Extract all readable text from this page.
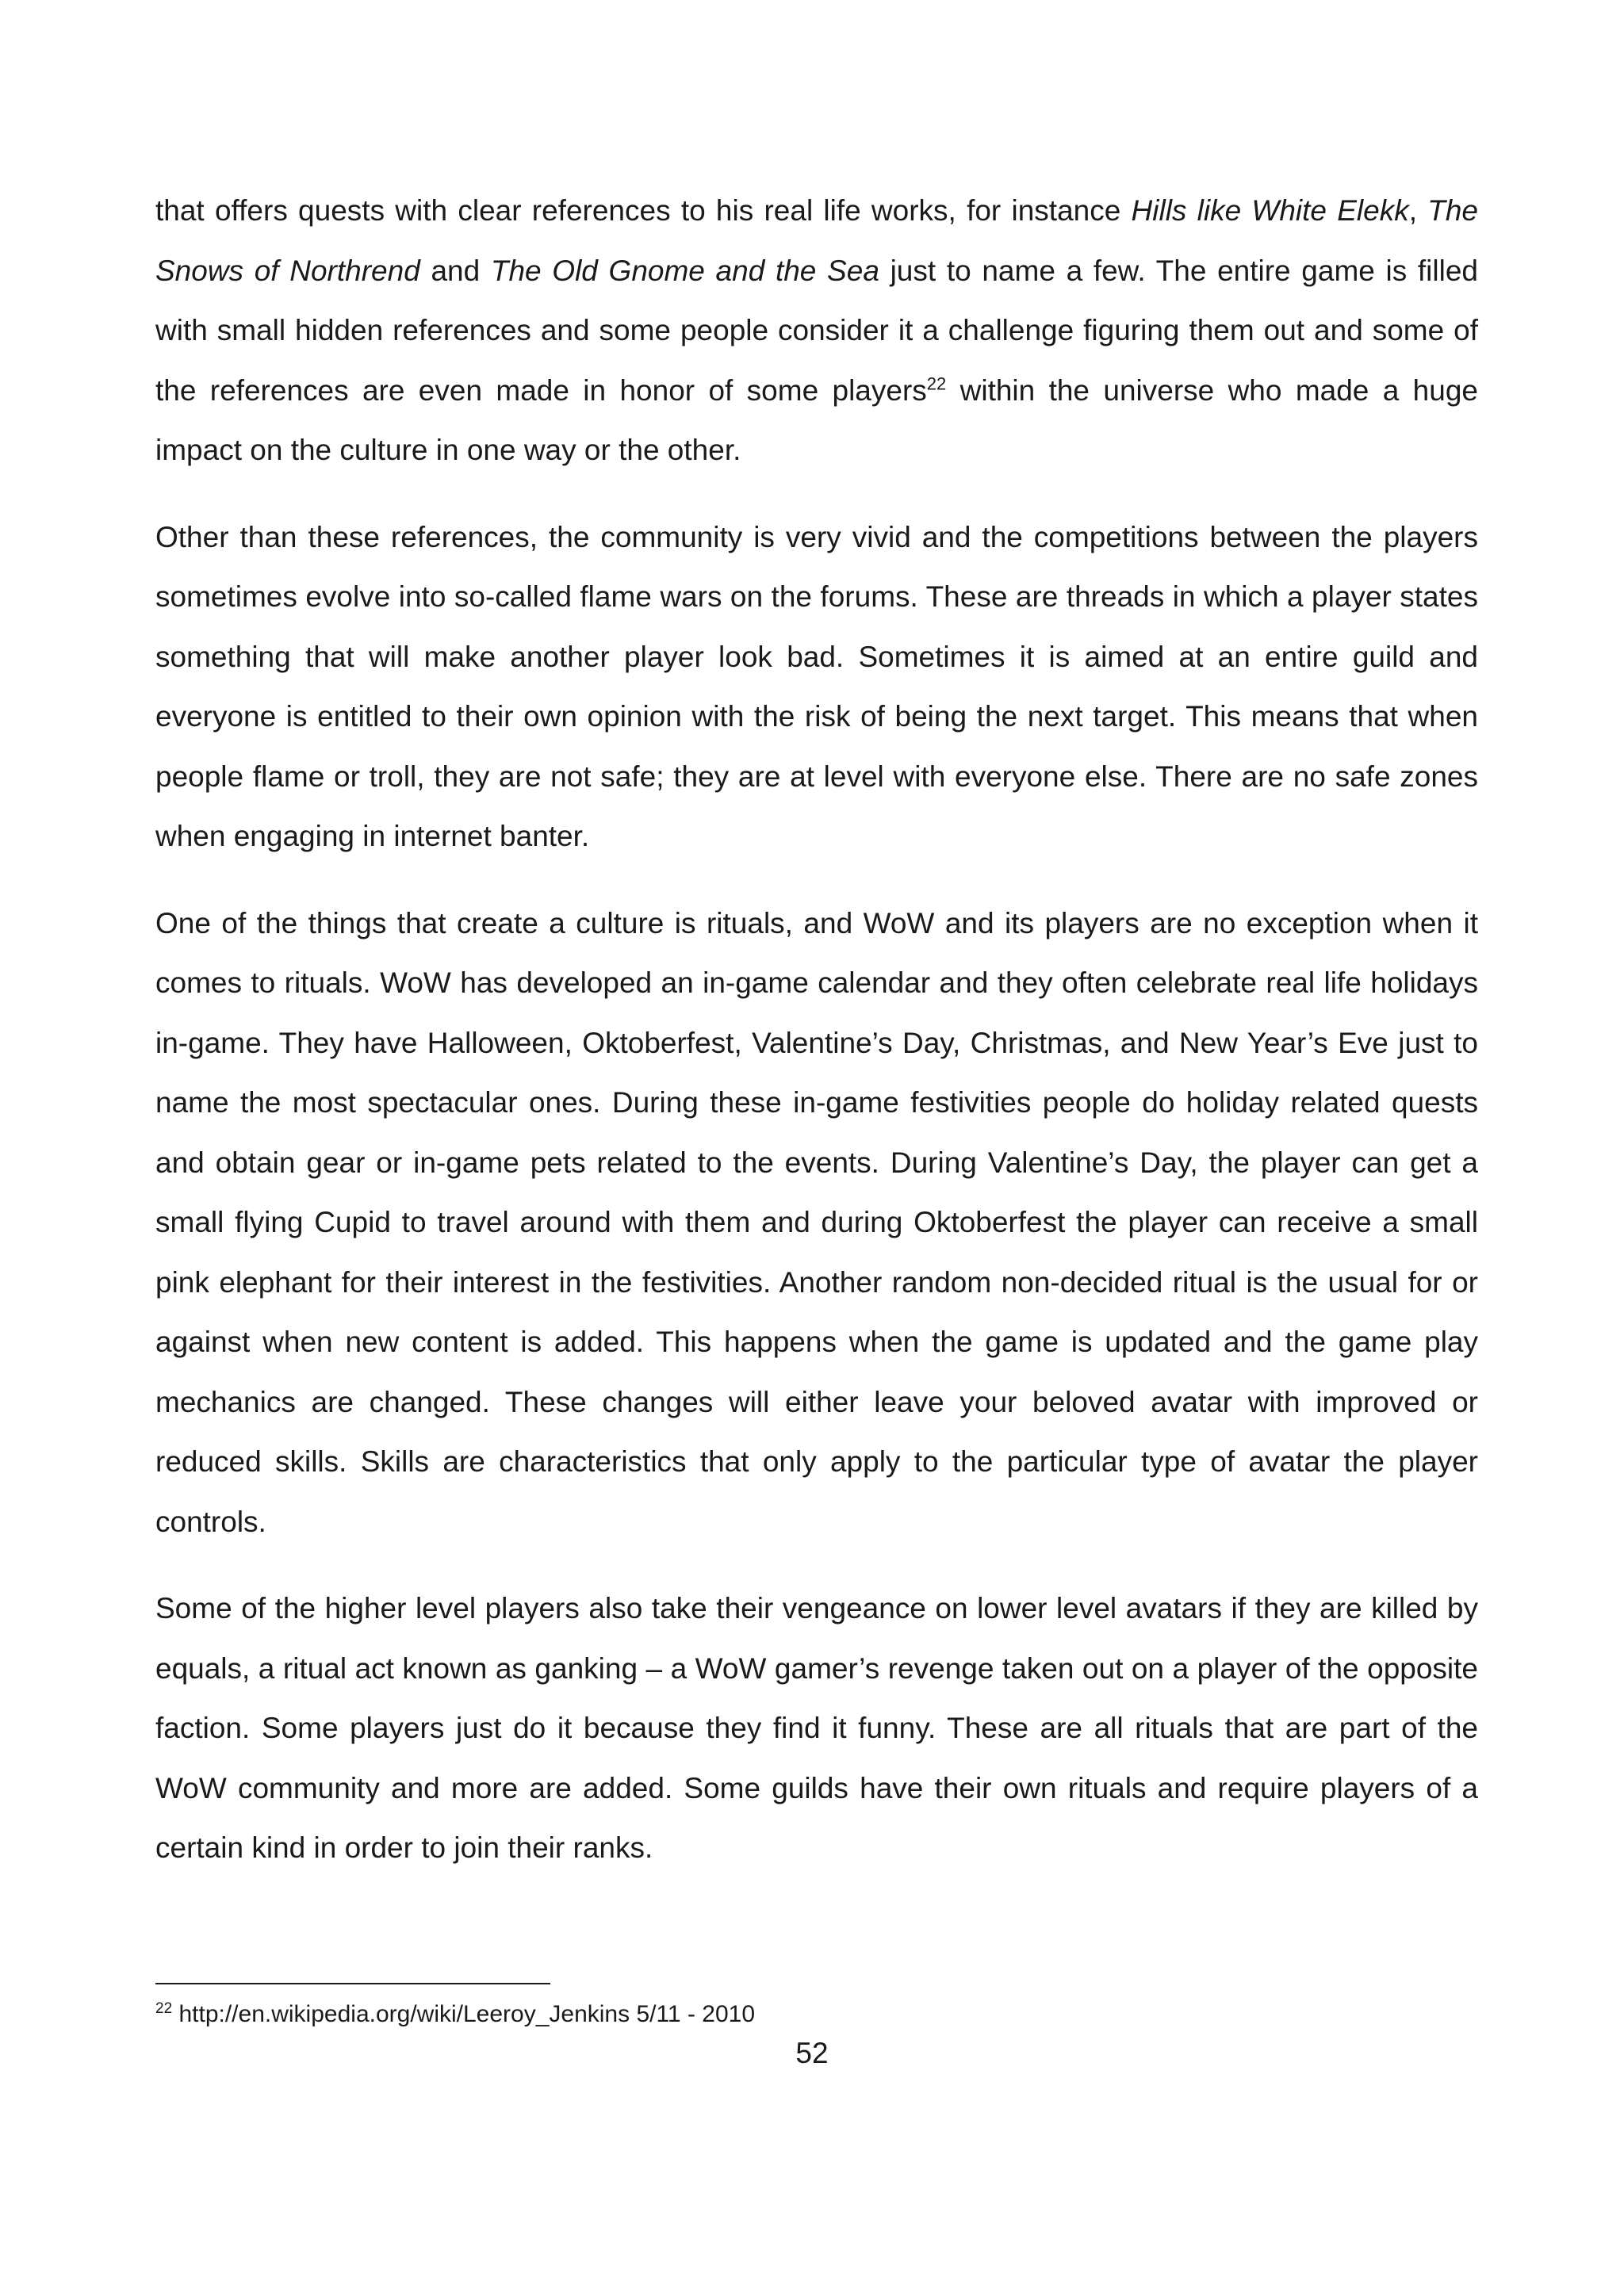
that offers quests with clear references to his real life works, for instance Hills like White Elekk, The Snows of Northrend and The Old Gnome and the Sea just to name a few. The entire game is filled with small hidden references and some people consider it a challenge figuring them out and some of the references are even made in honor of some players$^{22}$ within the universe who made a huge impact on the culture in one way or the other.

Other than these references, the community is very vivid and the competitions between the players sometimes evolve into so-called flame wars on the forums. These are threads in which a player states something that will make another player look bad. Sometimes it is aimed at an entire guild and everyone is entitled to their own opinion with the risk of being the next target. This means that when people flame or troll, they are not safe; they are at level with everyone else. There are no safe zones when engaging in internet banter.

One of the things that create a culture is rituals, and WoW and its players are no exception when it comes to rituals. WoW has developed an in-game calendar and they often celebrate real life holidays in-game. They have Halloween, Oktoberfest, Valentine’s Day, Christmas, and New Year’s Eve just to name the most spectacular ones. During these in-game festivities people do holiday related quests and obtain gear or in-game pets related to the events. During Valentine’s Day, the player can get a small flying Cupid to travel around with them and during Oktoberfest the player can receive a small pink elephant for their interest in the festivities. Another random non-decided ritual is the usual for or against when new content is added. This happens when the game is updated and the game play mechanics are changed. These changes will either leave your beloved avatar with improved or reduced skills. Skills are characteristics that only apply to the particular type of avatar the player controls.

Some of the higher level players also take their vengeance on lower level avatars if they are killed by equals, a ritual act known as ganking – a WoW gamer’s revenge taken out on a player of the opposite faction. Some players just do it because they find it funny. These are all rituals that are part of the WoW community and more are added. Some guilds have their own rituals and require players of a certain kind in order to join their ranks.

$^{22}$ http://en.wikipedia.org/wiki/Leeroy_Jenkins 5/11 - 2010
52
